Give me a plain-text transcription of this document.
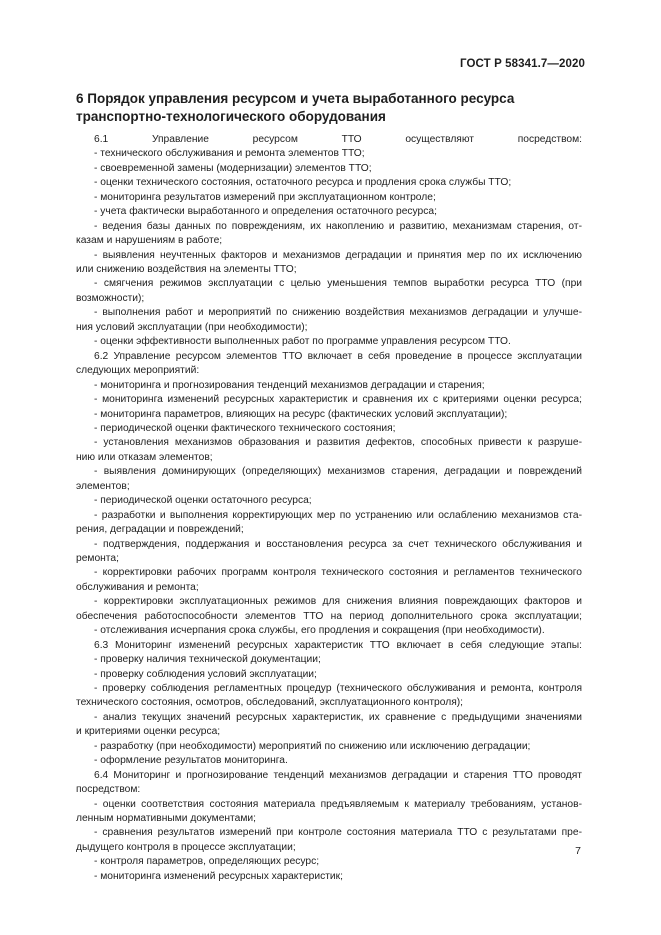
ГОСТ Р 58341.7—2020
6 Порядок управления ресурсом и учета выработанного ресурса
транспортно-технологического оборудования
6.1 Управление ресурсом ТТО осуществляют посредством:
- технического обслуживания и ремонта элементов ТТО;
- своевременной замены (модернизации) элементов ТТО;
- оценки технического состояния, остаточного ресурса и продления срока службы ТТО;
- мониторинга результатов измерений при эксплуатационном контроле;
- учета фактически выработанного и определения остаточного ресурса;
- ведения базы данных по повреждениям, их накоплению и развитию, механизмам старения, от-
казам и нарушениям в работе;
- выявления неучтенных факторов и механизмов деградации и принятия мер по их исключению
или снижению воздействия на элементы ТТО;
- смягчения режимов эксплуатации с целью уменьшения темпов выработки ресурса ТТО (при
возможности);
- выполнения работ и мероприятий по снижению воздействия механизмов деградации и улучше-
ния условий эксплуатации (при необходимости);
- оценки эффективности выполненных работ по программе управления ресурсом ТТО.
6.2 Управление ресурсом элементов ТТО включает в себя проведение в процессе эксплуатации
следующих мероприятий:
- мониторинга и прогнозирования тенденций механизмов деградации и старения;
- мониторинга изменений ресурсных характеристик и сравнения их с критериями оценки ресурса;
- мониторинга параметров, влияющих на ресурс (фактических условий эксплуатации);
- периодической оценки фактического технического состояния;
- установления механизмов образования и развития дефектов, способных привести к разруше-
нию или отказам элементов;
- выявления доминирующих (определяющих) механизмов старения, деградации и повреждений
элементов;
- периодической оценки остаточного ресурса;
- разработки и выполнения корректирующих мер по устранению или ослаблению механизмов ста-
рения, деградации и повреждений;
- подтверждения, поддержания и восстановления ресурса за счет технического обслуживания и
ремонта;
- корректировки рабочих программ контроля технического состояния и регламентов технического
обслуживания и ремонта;
- корректировки эксплуатационных режимов для снижения влияния повреждающих факторов и
обеспечения работоспособности элементов ТТО на период дополнительного срока эксплуатации;
- отслеживания исчерпания срока службы, его продления и сокращения (при необходимости).
6.3 Мониторинг изменений ресурсных характеристик ТТО включает в себя следующие этапы:
- проверку наличия технической документации;
- проверку соблюдения условий эксплуатации;
- проверку соблюдения регламентных процедур (технического обслуживания и ремонта, контроля
технического состояния, осмотров, обследований, эксплуатационного контроля);
- анализ текущих значений ресурсных характеристик, их сравнение с предыдущими значениями
и критериями оценки ресурса;
- разработку (при необходимости) мероприятий по снижению или исключению деградации;
- оформление результатов мониторинга.
6.4 Мониторинг и прогнозирование тенденций механизмов деградации и старения ТТО проводят
посредством:
- оценки соответствия состояния материала предъявляемым к материалу требованиям, установ-
ленным нормативными документами;
- сравнения результатов измерений при контроле состояния материала ТТО с результатами пре-
дыдущего контроля в процессе эксплуатации;
- контроля параметров, определяющих ресурс;
- мониторинга изменений ресурсных характеристик;
7
